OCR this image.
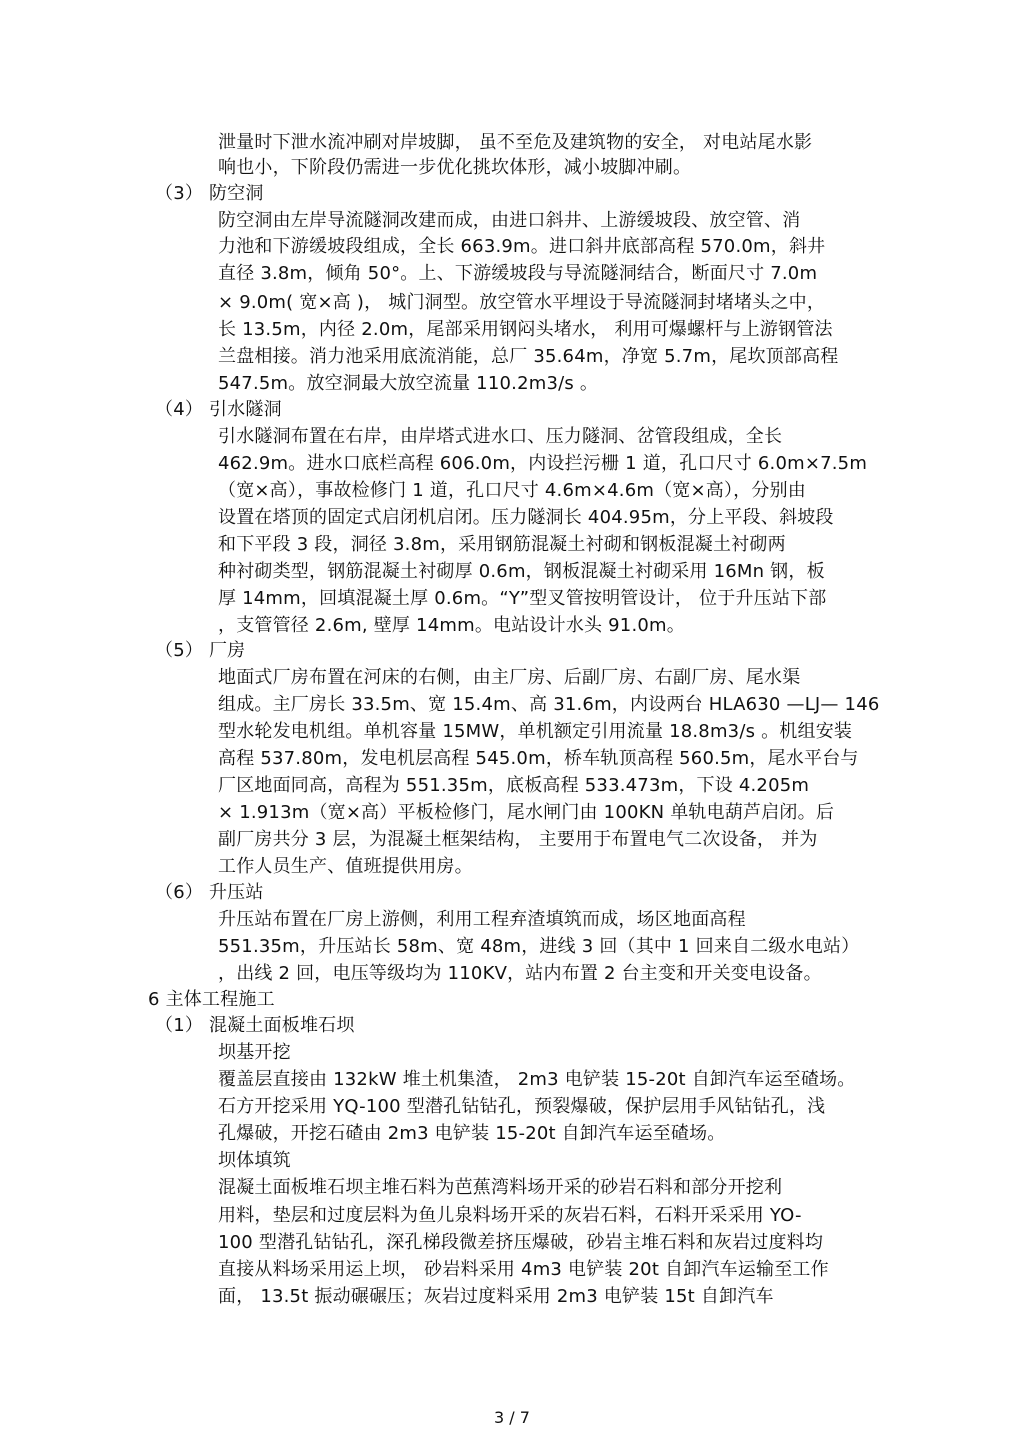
泄量时下泄水流冲刷对岸坡脚， 虽不至危及建筑物的安全， 对电站尾水影
响也小，下阶段仍需进一步优化挑坎体形，减小坡脚冲刷。
（3） 防空洞
防空洞由左岸导流隧洞改建而成，由进口斜井、上游缓坡段、放空管、消
力池和下游缓坡段组成，全长 663.9m。进口斜井底部高程 570.0m，斜井
直径 3.8m，倾角 50°。上、下游缓坡段与导流隧洞结合，断面尺寸 7.0m
× 9.0m( 宽×高 )， 城门洞型。放空管水平埋设于导流隧洞封堵堵头之中，
长 13.5m，内径 2.0m，尾部采用钢闷头堵水， 利用可爆螺杆与上游钢管法
兰盘相接。消力池采用底流消能，总厂 35.64m，净宽 5.7m，尾坎顶部高程
547.5m。放空洞最大放空流量 110.2m3/s 。
（4） 引水隧洞
引水隧洞布置在右岸，由岸塔式进水口、压力隧洞、岔管段组成，全长
462.9m。进水口底栏高程 606.0m，内设拦污栅 1 道，孔口尺寸 6.0m×7.5m
（宽×高），事故检修门 1 道，孔口尺寸 4.6m×4.6m（宽×高），分别由
设置在塔顶的固定式启闭机启闭。压力隧洞长 404.95m，分上平段、斜坡段
和下平段 3 段，洞径 3.8m，采用钢筋混凝土衬砌和钢板混凝土衬砌两
种衬砌类型，钢筋混凝土衬砌厚 0.6m，钢板混凝土衬砌采用 16Mn 钢，板
厚 14mm，回填混凝土厚 0.6m。“Y”型叉管按明管设计， 位于升压站下部
，支管管径 2.6m, 壁厚 14mm。电站设计水头 91.0m。
（5） 厂房
地面式厂房布置在河床的右侧，由主厂房、后副厂房、右副厂房、尾水渠
组成。主厂房长 33.5m、宽 15.4m、高 31.6m，内设两台 HLA630 —LJ— 146
型水轮发电机组。单机容量 15MW，单机额定引用流量 18.8m3/s 。机组安装
高程 537.80m，发电机层高程 545.0m，桥车轨顶高程 560.5m，尾水平台与
厂区地面同高，高程为 551.35m，底板高程 533.473m，下设 4.205m
× 1.913m（宽×高）平板检修门，尾水闸门由 100KN 单轨电葫芦启闭。后
副厂房共分 3 层，为混凝土框架结构， 主要用于布置电气二次设备， 并为
工作人员生产、值班提供用房。
（6） 升压站
升压站布置在厂房上游侧，利用工程弃渣填筑而成，场区地面高程
551.35m，升压站长 58m、宽 48m，进线 3 回（其中 1 回来自二级水电站）
，出线 2 回，电压等级均为 110KV，站内布置 2 台主变和开关变电设备。
6 主体工程施工
（1） 混凝土面板堆石坝
坝基开挖
覆盖层直接由 132kW 堆土机集渣， 2m3 电铲装 15-20t 自卸汽车运至碴场。
石方开挖采用 YQ-100 型潜孔钻钻孔，预裂爆破，保护层用手风钻钻孔，浅
孔爆破，开挖石碴由 2m3 电铲装 15-20t 自卸汽车运至碴场。
坝体填筑
混凝土面板堆石坝主堆石料为芭蕉湾料场开采的砂岩石料和部分开挖利
用料，垫层和过度层料为鱼儿泉料场开采的灰岩石料，石料开采采用 YO-
100 型潜孔钻钻孔，深孔梯段微差挤压爆破，砂岩主堆石料和灰岩过度料均
直接从料场采用运上坝， 砂岩料采用 4m3 电铲装 20t 自卸汽车运输至工作
面， 13.5t 振动碾碾压；灰岩过度料采用 2m3 电铲装 15t 自卸汽车
3 / 7
